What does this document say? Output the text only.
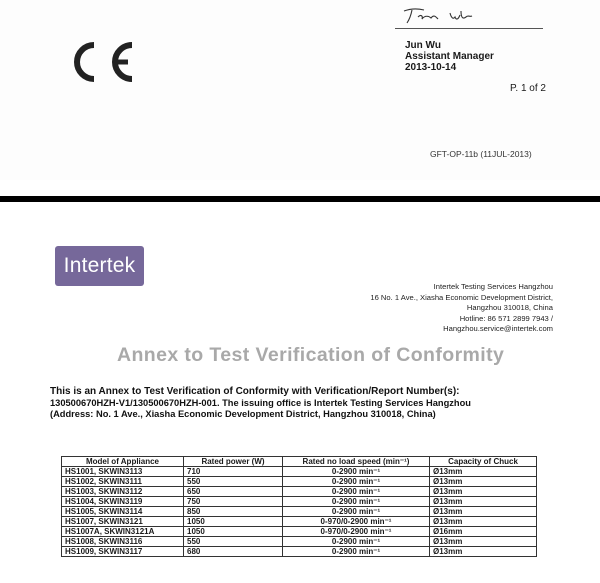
Jun Wu
Assistant Manager
2013-10-14
P. 1 of 2
GFT-OP-11b (11JUL-2013)
Intertek
Intertek Testing Services Hangzhou
16 No. 1 Ave., Xiasha Economic Development District,
Hangzhou 310018, China
Hotline: 86 571 2899 7943 /
Hangzhou.service@intertek.com
Annex to Test Verification of Conformity
This is an Annex to Test Verification of Conformity with Verification/Report Number(s):
130500670HZH-V1/130500670HZH-001. The issuing office is Intertek Testing Services Hangzhou
(Address: No. 1 Ave., Xiasha Economic Development District, Hangzhou 310018, China)
Model of Appliance	Rated power (W)	Rated no load speed (min⁻¹)	Capacity of Chuck
HS1001, SKWIN3113	710	0-2900 min⁻¹	Ø13mm
HS1002, SKWIN3111	550	0-2900 min⁻¹	Ø13mm
HS1003, SKWIN3112	650	0-2900 min⁻¹	Ø13mm
HS1004, SKWIN3119	750	0-2900 min⁻¹	Ø13mm
HS1005, SKWIN3114	850	0-2900 min⁻¹	Ø13mm
HS1007, SKWIN3121	1050	0-970/0-2900 min⁻¹	Ø13mm
HS1007A, SKWIN3121A	1050	0-970/0-2900 min⁻¹	Ø16mm
HS1008, SKWIN3116	550	0-2900 min⁻¹	Ø13mm
HS1009, SKWIN3117	680	0-2900 min⁻¹	Ø13mm
